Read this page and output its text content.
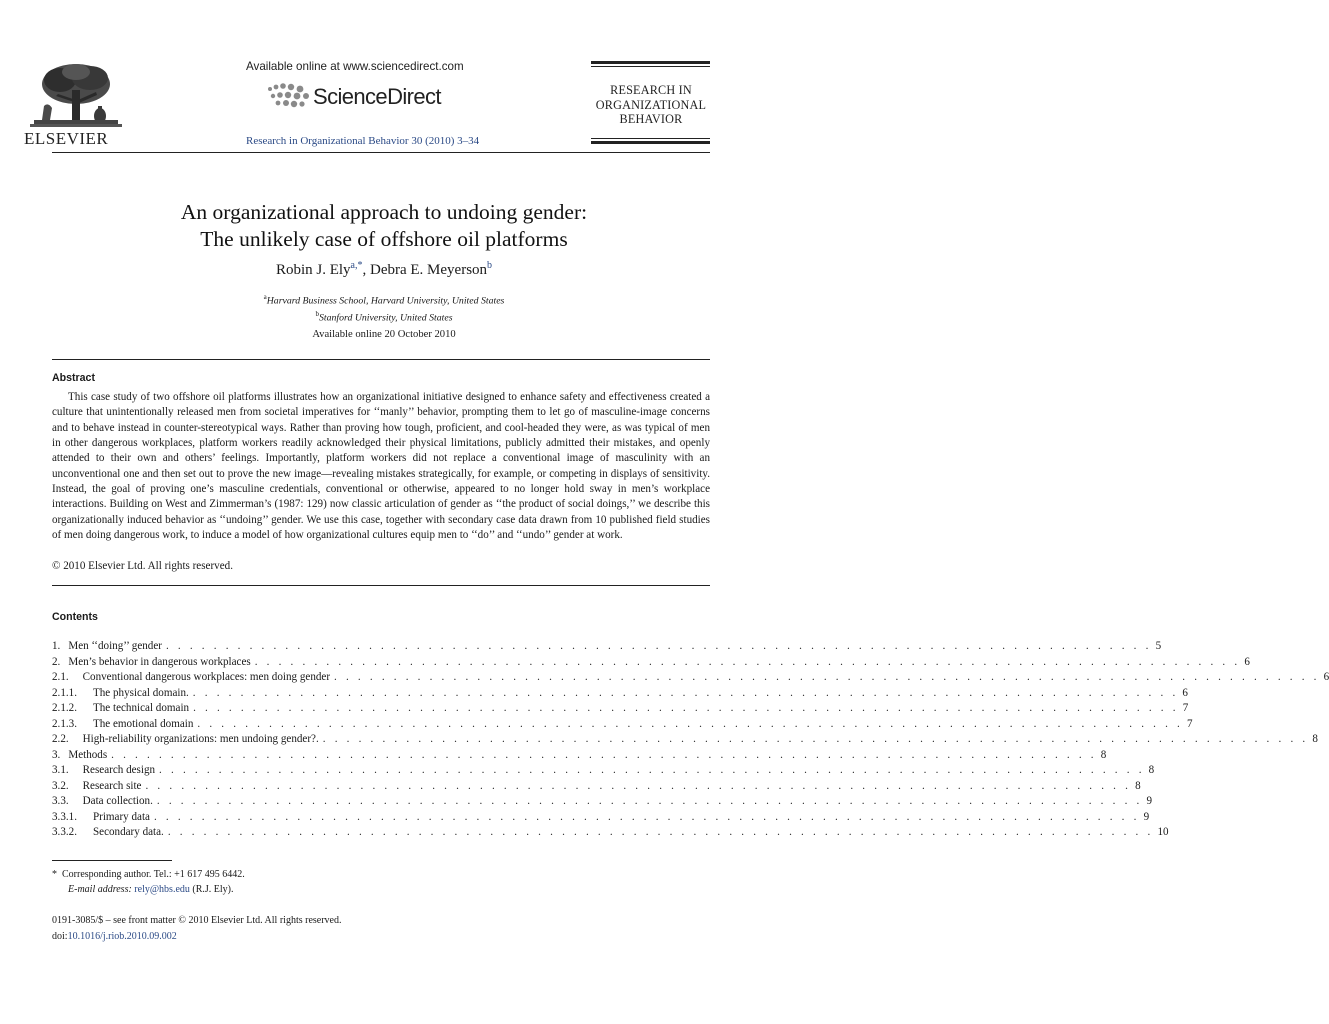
ELSEVIER
Available online at www.sciencedirect.com
ScienceDirect
Research in Organizational Behavior 30 (2010) 3–34
RESEARCH IN
ORGANIZATIONAL
BEHAVIOR
An organizational approach to undoing gender:
The unlikely case of offshore oil platforms
Robin J. Ely$^{a,*}$, Debra E. Meyerson$^b$
$^a$Harvard Business School, Harvard University, United States
$^b$Stanford University, United States
Available online 20 October 2010
Abstract

This case study of two offshore oil platforms illustrates how an organizational initiative designed to enhance safety and effectiveness created a culture that unintentionally released men from societal imperatives for ‘‘manly’’ behavior, prompting them to let go of masculine-image concerns and to behave instead in counter-stereotypical ways. Rather than proving how tough, proficient, and cool-headed they were, as was typical of men in other dangerous workplaces, platform workers readily acknowledged their physical limitations, publicly admitted their mistakes, and openly attended to their own and others’ feelings. Importantly, platform workers did not replace a conventional image of masculinity with an unconventional one and then set out to prove the new image—revealing mistakes strategically, for example, or competing in displays of sensitivity. Instead, the goal of proving one’s masculine credentials, conventional or otherwise, appeared to no longer hold sway in men’s workplace interactions. Building on West and Zimmerman’s (1987: 129) now classic articulation of gender as ‘‘the product of social doings,’’ we describe this organizationally induced behavior as ‘‘undoing’’ gender. We use this case, together with secondary case data drawn from 10 published field studies of men doing dangerous work, to induce a model of how organizational cultures equip men to ‘‘do’’ and ‘‘undo’’ gender at work.

© 2010 Elsevier Ltd. All rights reserved.
Contents
1. Men ‘‘doing’’ gender . . . . . . . . . . . . . . . . . . . . . . . . . . . . . . . . . . . . . . . . . . . . . . . . . . . . . . . . . . . . . . . . . . . . . . . . . . . . . . . . . . . 5
2. Men’s behavior in dangerous workplaces . . . . . . . . . . . . . . . . . . . . . . . . . . . . . . . . . . . . . . . . . . . . . . . . . . . . . . . . . . . . . . . . . . . . . . . . . . . . . . . . . . . 6
2.1. Conventional dangerous workplaces: men doing gender . . . . . . . . . . . . . . . . . . . . . . . . . . . . . . . . . . . . . . . . . . . . . . . . . . . . . . . . . . . . . . . . . . . . . . . . . . . . . . . . . . . 6
2.1.1. The physical domain. . . . . . . . . . . . . . . . . . . . . . . . . . . . . . . . . . . . . . . . . . . . . . . . . . . . . . . . . . . . . . . . . . . . . . . . . . . . . . . . . . . . 6
2.1.2. The technical domain . . . . . . . . . . . . . . . . . . . . . . . . . . . . . . . . . . . . . . . . . . . . . . . . . . . . . . . . . . . . . . . . . . . . . . . . . . . . . . . . . . . 7
2.1.3. The emotional domain . . . . . . . . . . . . . . . . . . . . . . . . . . . . . . . . . . . . . . . . . . . . . . . . . . . . . . . . . . . . . . . . . . . . . . . . . . . . . . . . . . . 7
2.2. High-reliability organizations: men undoing gender?. . . . . . . . . . . . . . . . . . . . . . . . . . . . . . . . . . . . . . . . . . . . . . . . . . . . . . . . . . . . . . . . . . . . . . . . . . . . . . . . . . . . 8
3. Methods . . . . . . . . . . . . . . . . . . . . . . . . . . . . . . . . . . . . . . . . . . . . . . . . . . . . . . . . . . . . . . . . . . . . . . . . . . . . . . . . . . . 8
3.1. Research design . . . . . . . . . . . . . . . . . . . . . . . . . . . . . . . . . . . . . . . . . . . . . . . . . . . . . . . . . . . . . . . . . . . . . . . . . . . . . . . . . . . 8
3.2. Research site . . . . . . . . . . . . . . . . . . . . . . . . . . . . . . . . . . . . . . . . . . . . . . . . . . . . . . . . . . . . . . . . . . . . . . . . . . . . . . . . . . . 8
3.3. Data collection. . . . . . . . . . . . . . . . . . . . . . . . . . . . . . . . . . . . . . . . . . . . . . . . . . . . . . . . . . . . . . . . . . . . . . . . . . . . . . . . . . . . 9
3.3.1. Primary data . . . . . . . . . . . . . . . . . . . . . . . . . . . . . . . . . . . . . . . . . . . . . . . . . . . . . . . . . . . . . . . . . . . . . . . . . . . . . . . . . . . 9
3.3.2. Secondary data. . . . . . . . . . . . . . . . . . . . . . . . . . . . . . . . . . . . . . . . . . . . . . . . . . . . . . . . . . . . . . . . . . . . . . . . . . . . . . . . . . . . 10
* Corresponding author. Tel.: +1 617 495 6442.
E-mail address: rely@hbs.edu (R.J. Ely).
0191-3085/$ – see front matter © 2010 Elsevier Ltd. All rights reserved.
doi:10.1016/j.riob.2010.09.002
